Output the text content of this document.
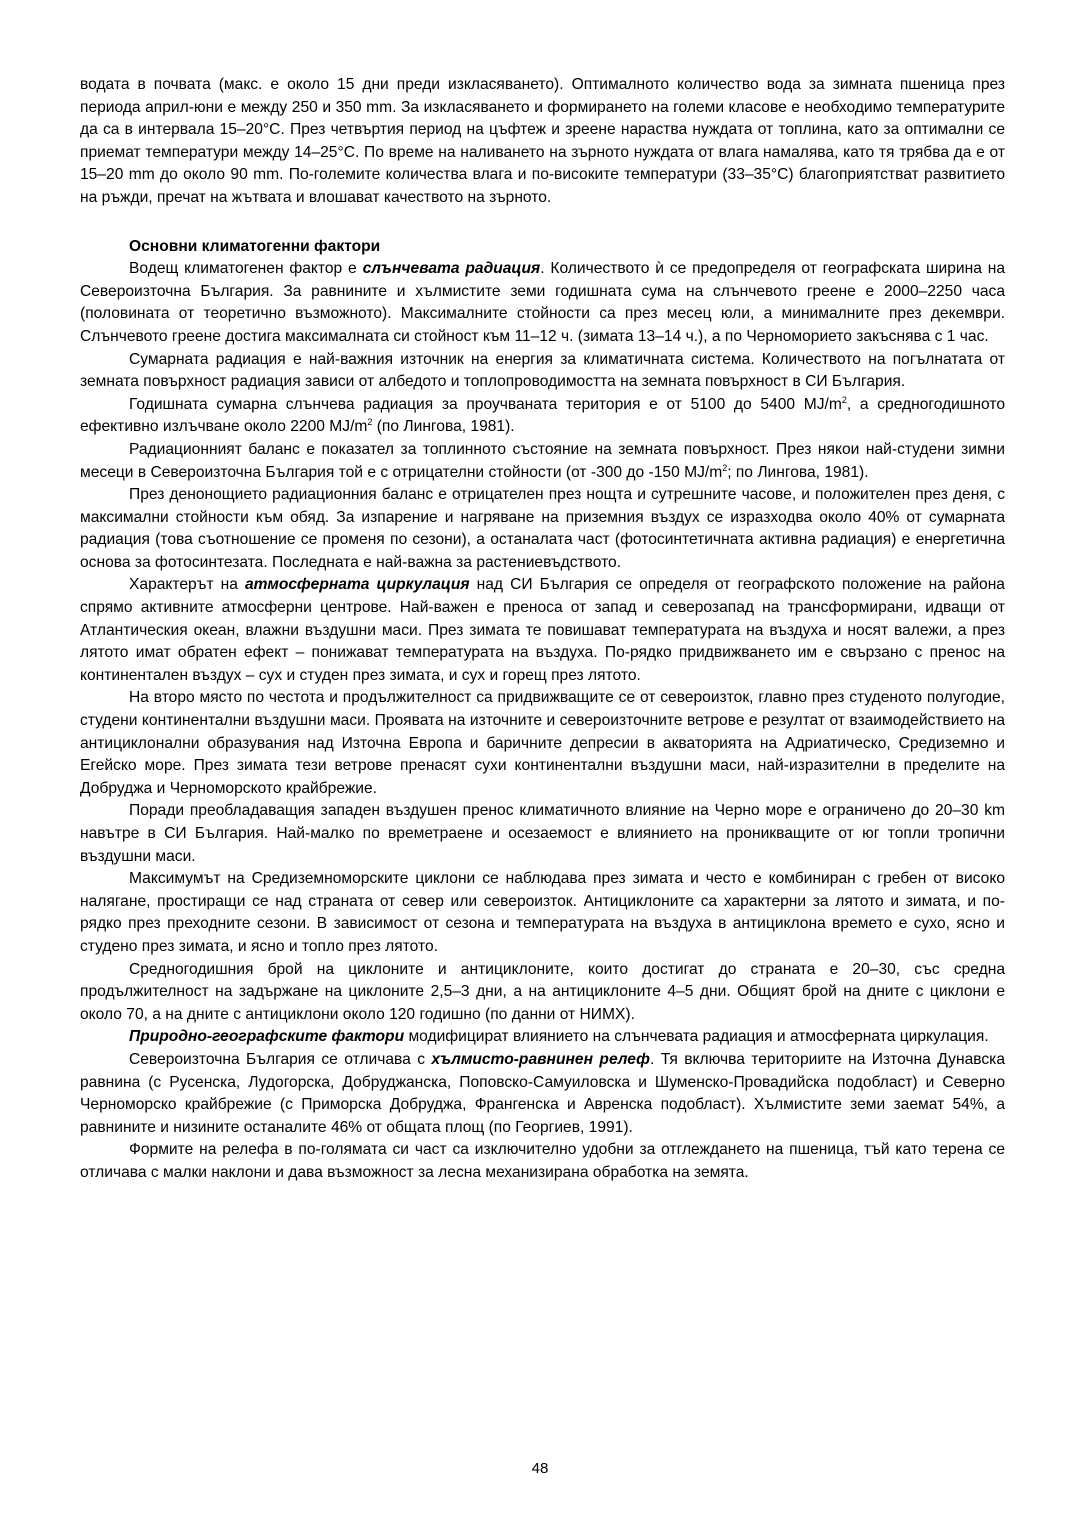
водата в почвата (макс. е около 15 дни преди изкласяването). Оптималното количество вода за зимната пшеница през периода април-юни е между 250 и 350 mm. За изкласяването и формирането на големи класове е необходимо температурите да са в интервала 15–20°С. През четвъртия период на цъфтеж и зреене нараства нуждата от топлина, като за оптимални се приемат температури между 14–25°С. По време на наливането на зърното нуждата от влага намалява, като тя трябва да е от 15–20 mm до около 90 mm. По-големите количества влага и по-високите температури (33–35°С) благоприятстват развитието на ръжди, пречат на жътвата и влошават качеството на зърното.

Основни климатогенни фактори

Водещ климатогенен фактор е слънчевата радиация. Количеството ѝ се предопределя от географската ширина на Североизточна България. За равнините и хълмистите земи годишната сума на слънчевото греене е 2000–2250 часа (половината от теоретично възможното). Максималните стойности са през месец юли, а минималните през декември. Слънчевото греене достига максималната си стойност към 11–12 ч. (зимата 13–14 ч.), а по Черноморието закъснява с 1 час.

Сумарната радиация е най-важния източник на енергия за климатичната система. Количеството на погълнатата от земната повърхност радиация зависи от албедото и топлопроводимостта на земната повърхност в СИ България.

Годишната сумарна слънчева радиация за проучваната територия е от 5100 до 5400 $MJ/m^2$, а средногодишното ефективно излъчване около 2200 $MJ/m^2$ (по Лингова, 1981).

Радиационният баланс е показател за топлинното състояние на земната повърхност. През някои най-студени зимни месеци в Североизточна България той е с отрицателни стойности (от -300 до -150 $MJ/m^2$; по Лингова, 1981).

През денонощието радиационния баланс е отрицателен през нощта и сутрешните часове, и положителен през деня, с максимални стойности към обяд. За изпарение и нагряване на приземния въздух се изразходва около 40% от сумарната радиация (това съотношение се променя по сезони), а останалата част (фотосинтетичната активна радиация) е енергетична основа за фотосинтезата. Последната е най-важна за растениевъдството.

Характерът на атмосферната циркулация над СИ България се определя от географското положение на района спрямо активните атмосферни центрове. Най-важен е преноса от запад и северозапад на трансформирани, идващи от Атлантическия океан, влажни въздушни маси. През зимата те повишават температурата на въздуха и носят валежи, а през лятото имат обратен ефект – понижават температурата на въздуха. По-рядко придвижването им е свързано с пренос на континентален въздух – сух и студен през зимата, и сух и горещ през лятото.

На второ място по честота и продължителност са придвижващите се от североизток, главно през студеното полугодие, студени континентални въздушни маси. Проявата на източните и североизточните ветрове е резултат от взаимодействието на антициклонални образувания над Източна Европа и баричните депресии в акваторията на Адриатическо, Средиземно и Егейско море. През зимата тези ветрове пренасят сухи континентални въздушни маси, най-изразителни в пределите на Добруджа и Черноморското крайбрежие.

Поради преобладаващия западен въздушен пренос климатичното влияние на Черно море е ограничено до 20–30 km навътре в СИ България. Най-малко по времетраене и осезаемост е влиянието на проникващите от юг топли тропични въздушни маси.

Максимумът на Средиземноморските циклони се наблюдава през зимата и често е комбиниран с гребен от високо налягане, простиращи се над страната от север или североизток. Антициклоните са характерни за лятото и зимата, и по-рядко през преходните сезони. В зависимост от сезона и температурата на въздуха в антициклона времето е сухо, ясно и студено през зимата, и ясно и топло през лятото.

Средногодишния брой на циклоните и антициклоните, които достигат до страната е 20–30, със средна продължителност на задържане на циклоните 2,5–3 дни, а на антициклоните 4–5 дни. Общият брой на дните с циклони е около 70, а на дните с антициклони около 120 годишно (по данни от НИМХ).

Природно-географските фактори модифицират влиянието на слънчевата радиация и атмосферната циркулация.

Североизточна България се отличава с хълмисто-равнинен релеф. Тя включва териториите на Източна Дунавска равнина (с Русенска, Лудогорска, Добруджанска, Поповско-Самуиловска и Шуменско-Провадийска подобласт) и Северно Черноморско крайбрежие (с Приморска Добруджа, Франгенска и Авренска подобласт). Хълмистите земи заемат 54%, а равнините и низините останалите 46% от общата площ (по Георгиев, 1991).

Формите на релефа в по-голямата си част са изключително удобни за отглеждането на пшеница, тъй като терена се отличава с малки наклони и дава възможност за лесна механизирана обработка на земята.

48
